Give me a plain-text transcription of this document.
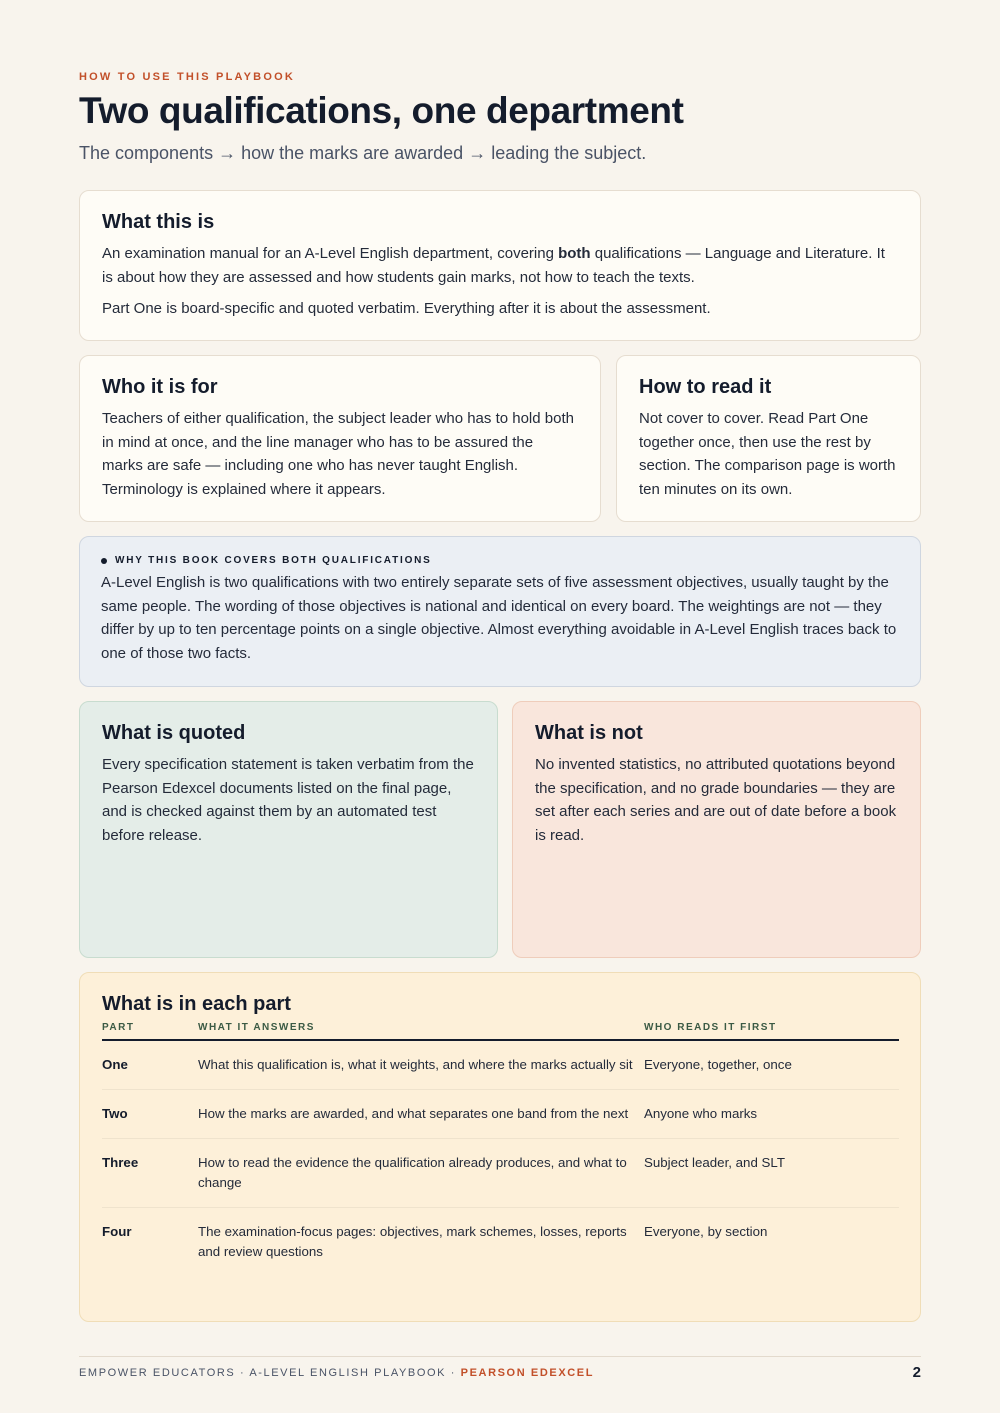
HOW TO USE THIS PLAYBOOK
Two qualifications, one department
The components → how the marks are awarded → leading the subject.
What this is

An examination manual for an A-Level English department, covering both qualifications — Language and Literature. It is about how they are assessed and how students gain marks, not how to teach the texts.

Part One is board-specific and quoted verbatim. Everything after it is about the assessment.

Who it is for

Teachers of either qualification, the subject leader who has to hold both in mind at once, and the line manager who has to be assured the marks are safe — including one who has never taught English. Terminology is explained where it appears.

How to read it

Not cover to cover. Read Part One together once, then use the rest by section. The comparison page is worth ten minutes on its own.

WHY THIS BOOK COVERS BOTH QUALIFICATIONS

A-Level English is two qualifications with two entirely separate sets of five assessment objectives, usually taught by the same people. The wording of those objectives is national and identical on every board. The weightings are not — they differ by up to ten percentage points on a single objective. Almost everything avoidable in A-Level English traces back to one of those two facts.

What is quoted

Every specification statement is taken verbatim from the Pearson Edexcel documents listed on the final page, and is checked against them by an automated test before release.

What is not

No invented statistics, no attributed quotations beyond the specification, and no grade boundaries — they are set after each series and are out of date before a book is read.

What is in each part
PART	WHAT IT ANSWERS	WHO READS IT FIRST
One	What this qualification is, what it weights, and where the marks actually sit	Everyone, together, once
Two	How the marks are awarded, and what separates one band from the next	Anyone who marks
Three	How to read the evidence the qualification already produces, and what to change	Subject leader, and SLT
Four	The examination-focus pages: objectives, mark schemes, losses, reports and review questions	Everyone, by section
EMPOWER EDUCATORS · A-LEVEL ENGLISH PLAYBOOK · PEARSON EDEXCEL	2
